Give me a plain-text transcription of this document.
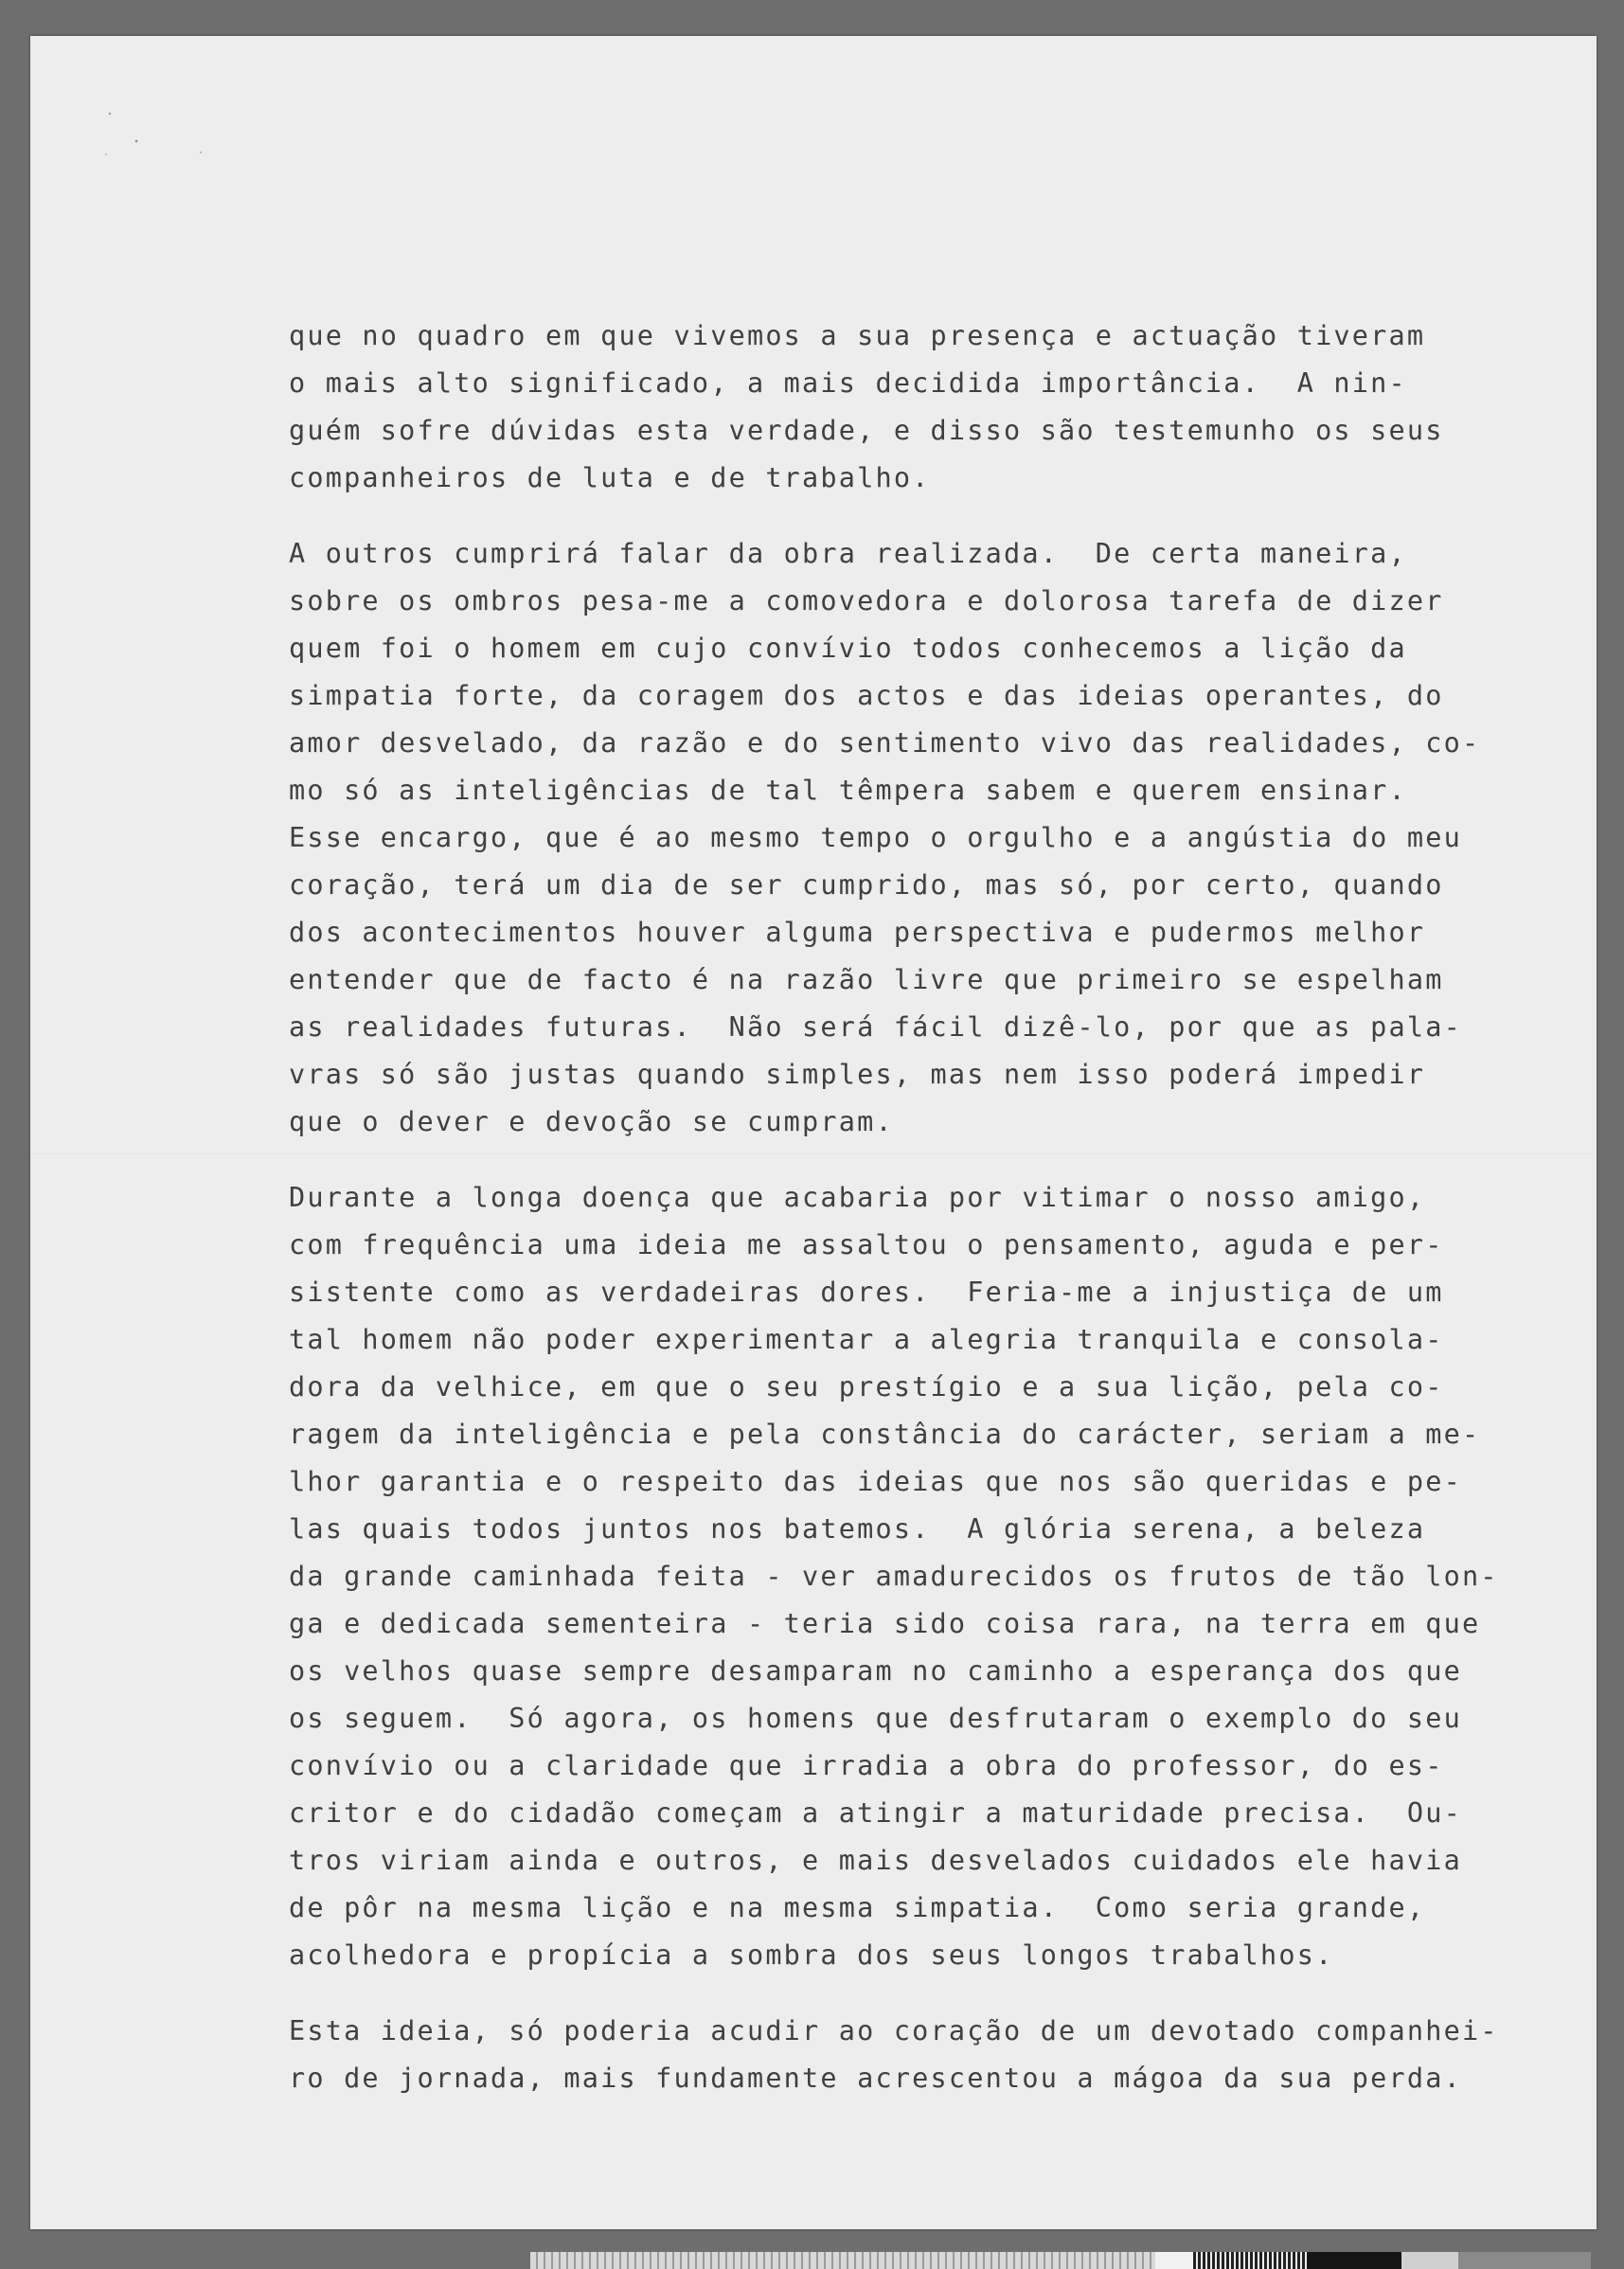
que no quadro em que vivemos a sua presença e actuação tiveram
o mais alto significado, a mais decidida importância.  A nin-
guém sofre dúvidas esta verdade, e disso são testemunho os seus
companheiros de luta e de trabalho.
A outros cumprirá falar da obra realizada.  De certa maneira,
sobre os ombros pesa-me a comovedora e dolorosa tarefa de dizer
quem foi o homem em cujo convívio todos conhecemos a lição da
simpatia forte, da coragem dos actos e das ideias operantes, do
amor desvelado, da razão e do sentimento vivo das realidades, co-
mo só as inteligências de tal têmpera sabem e querem ensinar.
Esse encargo, que é ao mesmo tempo o orgulho e a angústia do meu
coração, terá um dia de ser cumprido, mas só, por certo, quando
dos acontecimentos houver alguma perspectiva e pudermos melhor
entender que de facto é na razão livre que primeiro se espelham
as realidades futuras.  Não será fácil dizê-lo, por que as pala-
vras só são justas quando simples, mas nem isso poderá impedir
que o dever e devoção se cumpram.
Durante a longa doença que acabaria por vitimar o nosso amigo,
com frequência uma ideia me assaltou o pensamento, aguda e per-
sistente como as verdadeiras dores.  Feria-me a injustiça de um
tal homem não poder experimentar a alegria tranquila e consola-
dora da velhice, em que o seu prestígio e a sua lição, pela co-
ragem da inteligência e pela constância do carácter, seriam a me-
lhor garantia e o respeito das ideias que nos são queridas e pe-
las quais todos juntos nos batemos.  A glória serena, a beleza
da grande caminhada feita - ver amadurecidos os frutos de tão lon-
ga e dedicada sementeira - teria sido coisa rara, na terra em que
os velhos quase sempre desamparam no caminho a esperança dos que
os seguem.  Só agora, os homens que desfrutaram o exemplo do seu
convívio ou a claridade que irradia a obra do professor, do es-
critor e do cidadão começam a atingir a maturidade precisa.  Ou-
tros viriam ainda e outros, e mais desvelados cuidados ele havia
de pôr na mesma lição e na mesma simpatia.  Como seria grande,
acolhedora e propícia a sombra dos seus longos trabalhos.
Esta ideia, só poderia acudir ao coração de um devotado companhei-
ro de jornada, mais fundamente acrescentou a mágoa da sua perda.
